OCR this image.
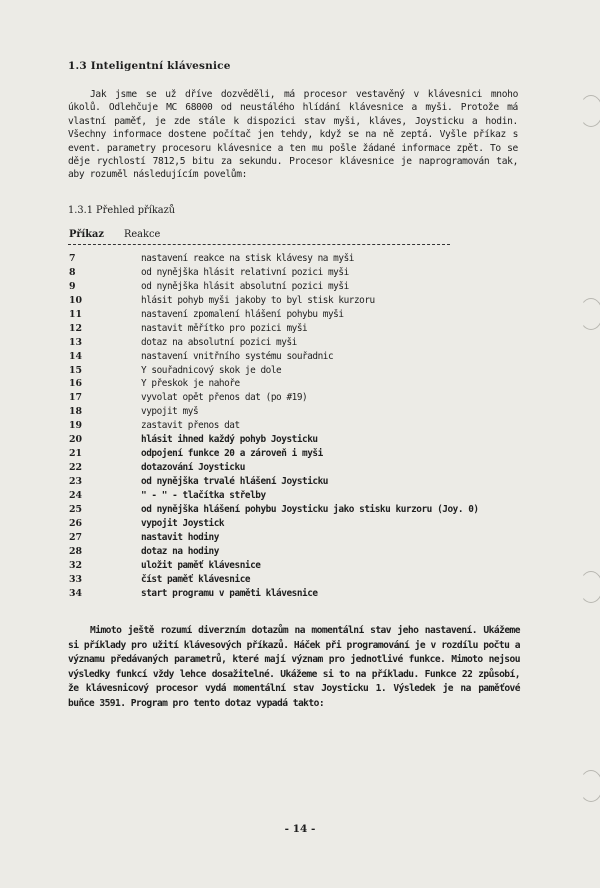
1.3 Inteligentní klávesnice

Jak jsme se už dříve dozvěděli, má procesor vestavěný v klávesnici mnoho úkolů. Odlehčuje MC 68000 od neustálého hlídání klávesnice a myši. Protože má vlastní paměť, je zde stále k dispozici stav myši, kláves, Joysticku a hodin. Všechny informace dostene počítač jen tehdy, když se na ně zeptá. Vyšle příkaz s event. parametry procesoru klávesnice a ten mu pošle žádané informace zpět. To se děje rychlostí 7812,5 bitu za sekundu. Procesor klávesnice je naprogramován tak, aby rozuměl následujícím povelům:

1.3.1 Přehled příkazů
Příkaz Reakce
7	nastavení reakce na stisk klávesy na myši
8	od nynějška hlásit relativní pozici myši
9	od nynějška hlásit absolutní pozici myši
10	hlásit pohyb myši jakoby to byl stisk kurzoru
11	nastavení zpomalení hlášení pohybu myši
12	nastavit měřítko pro pozici myši
13	dotaz na absolutní pozici myši
14	nastavení vnitřního systému souřadnic
15	Y souřadnicový skok je dole
16	Y přeskok je nahoře
17	vyvolat opět přenos dat (po #19)
18	vypojit myš
19	zastavit přenos dat
20	hlásit ihned každý pohyb Joysticku
21	odpojení funkce 20 a zároveň i myši
22	dotazování Joysticku
23	od nynějška trvalé hlášení Joysticku
24	" - " - tlačítka střelby
25	od nynějška hlášení pohybu Joysticku jako stisku kurzoru (Joy. 0)
26	vypojit Joystick
27	nastavit hodiny
28	dotaz na hodiny
32	uložit paměť klávesnice
33	číst paměť klávesnice
34	start programu v paměti klávesnice

Mimoto ještě rozumí diverzním dotazům na momentální stav jeho nastavení. Ukážeme si příklady pro užití klávesových příkazů. Háček při programování je v rozdílu počtu a významu předávaných parametrů, které mají význam pro jednotlivé funkce. Mimoto nejsou výsledky funkcí vždy lehce dosažitelné. Ukážeme si to na příkladu. Funkce 22 způsobí, že klávesnicový procesor vydá momentální stav Joysticku 1. Výsledek je na paměťové buňce 3591. Program pro tento dotaz vypadá takto:

- 14 -
